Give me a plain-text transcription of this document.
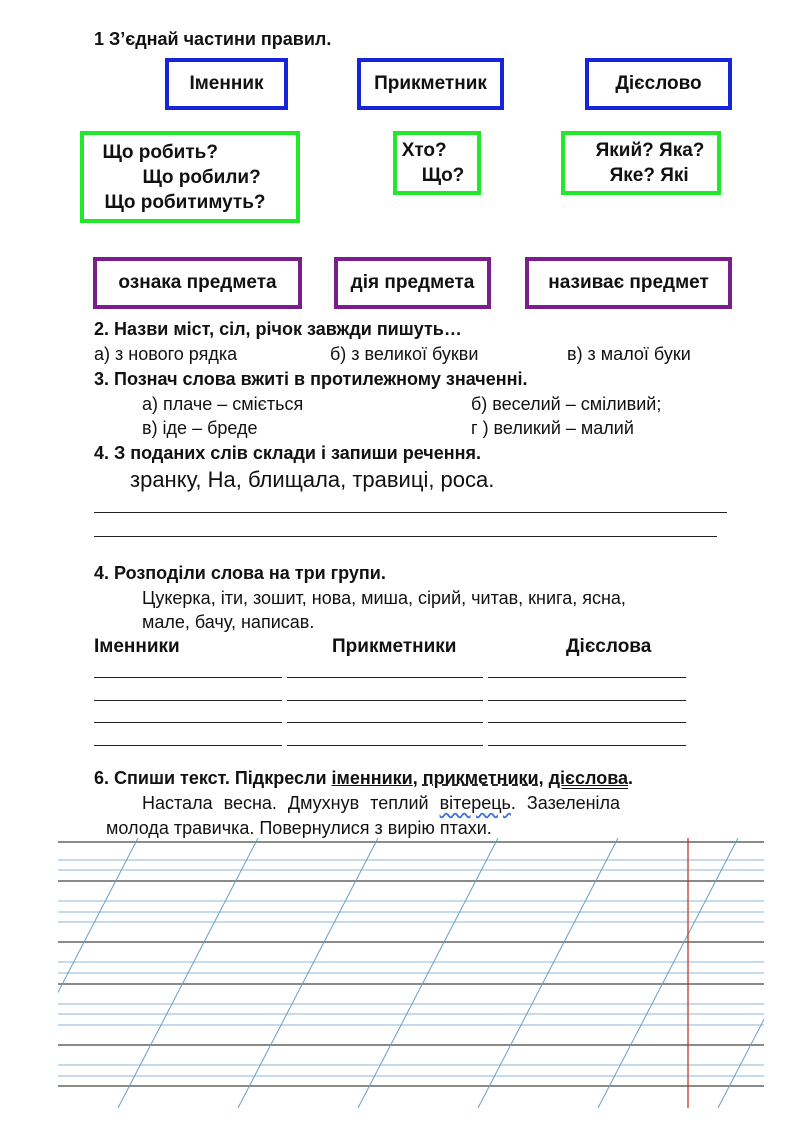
1 З’єднай частини правил.
Іменник	Прикметник	Дієслово
Що робить?
Що робили?
Що робитимуть?
Хто?
Що?
Який? Яка?
Яке? Які
ознака предмета	дія предмета	називає предмет
2. Назви міст, сіл, річок завжди пишуть…
а) з нового рядка	б) з великої букви	в) з малої буки
3. Познач слова вжиті в протилежному значенні.
а) плаче – сміється	б) веселий – сміливий;
в) іде – бреде	г ) великий – малий
4. З поданих слів склади і запиши речення.
зранку, На, блищала, травиці, роса.
4. Розподіли слова на три групи.
Цукерка, іти, зошит, нова, миша, сірий, читав, книга, ясна,
мале, бачу, написав.
Іменники	Прикметники	Дієслова
6. Спиши текст. Підкресли іменники, прикметники, дієслова.
Настала весна. Дмухнув теплий вітерець. Зазеленіла
молода травичка. Повернулися з вирію птахи.
